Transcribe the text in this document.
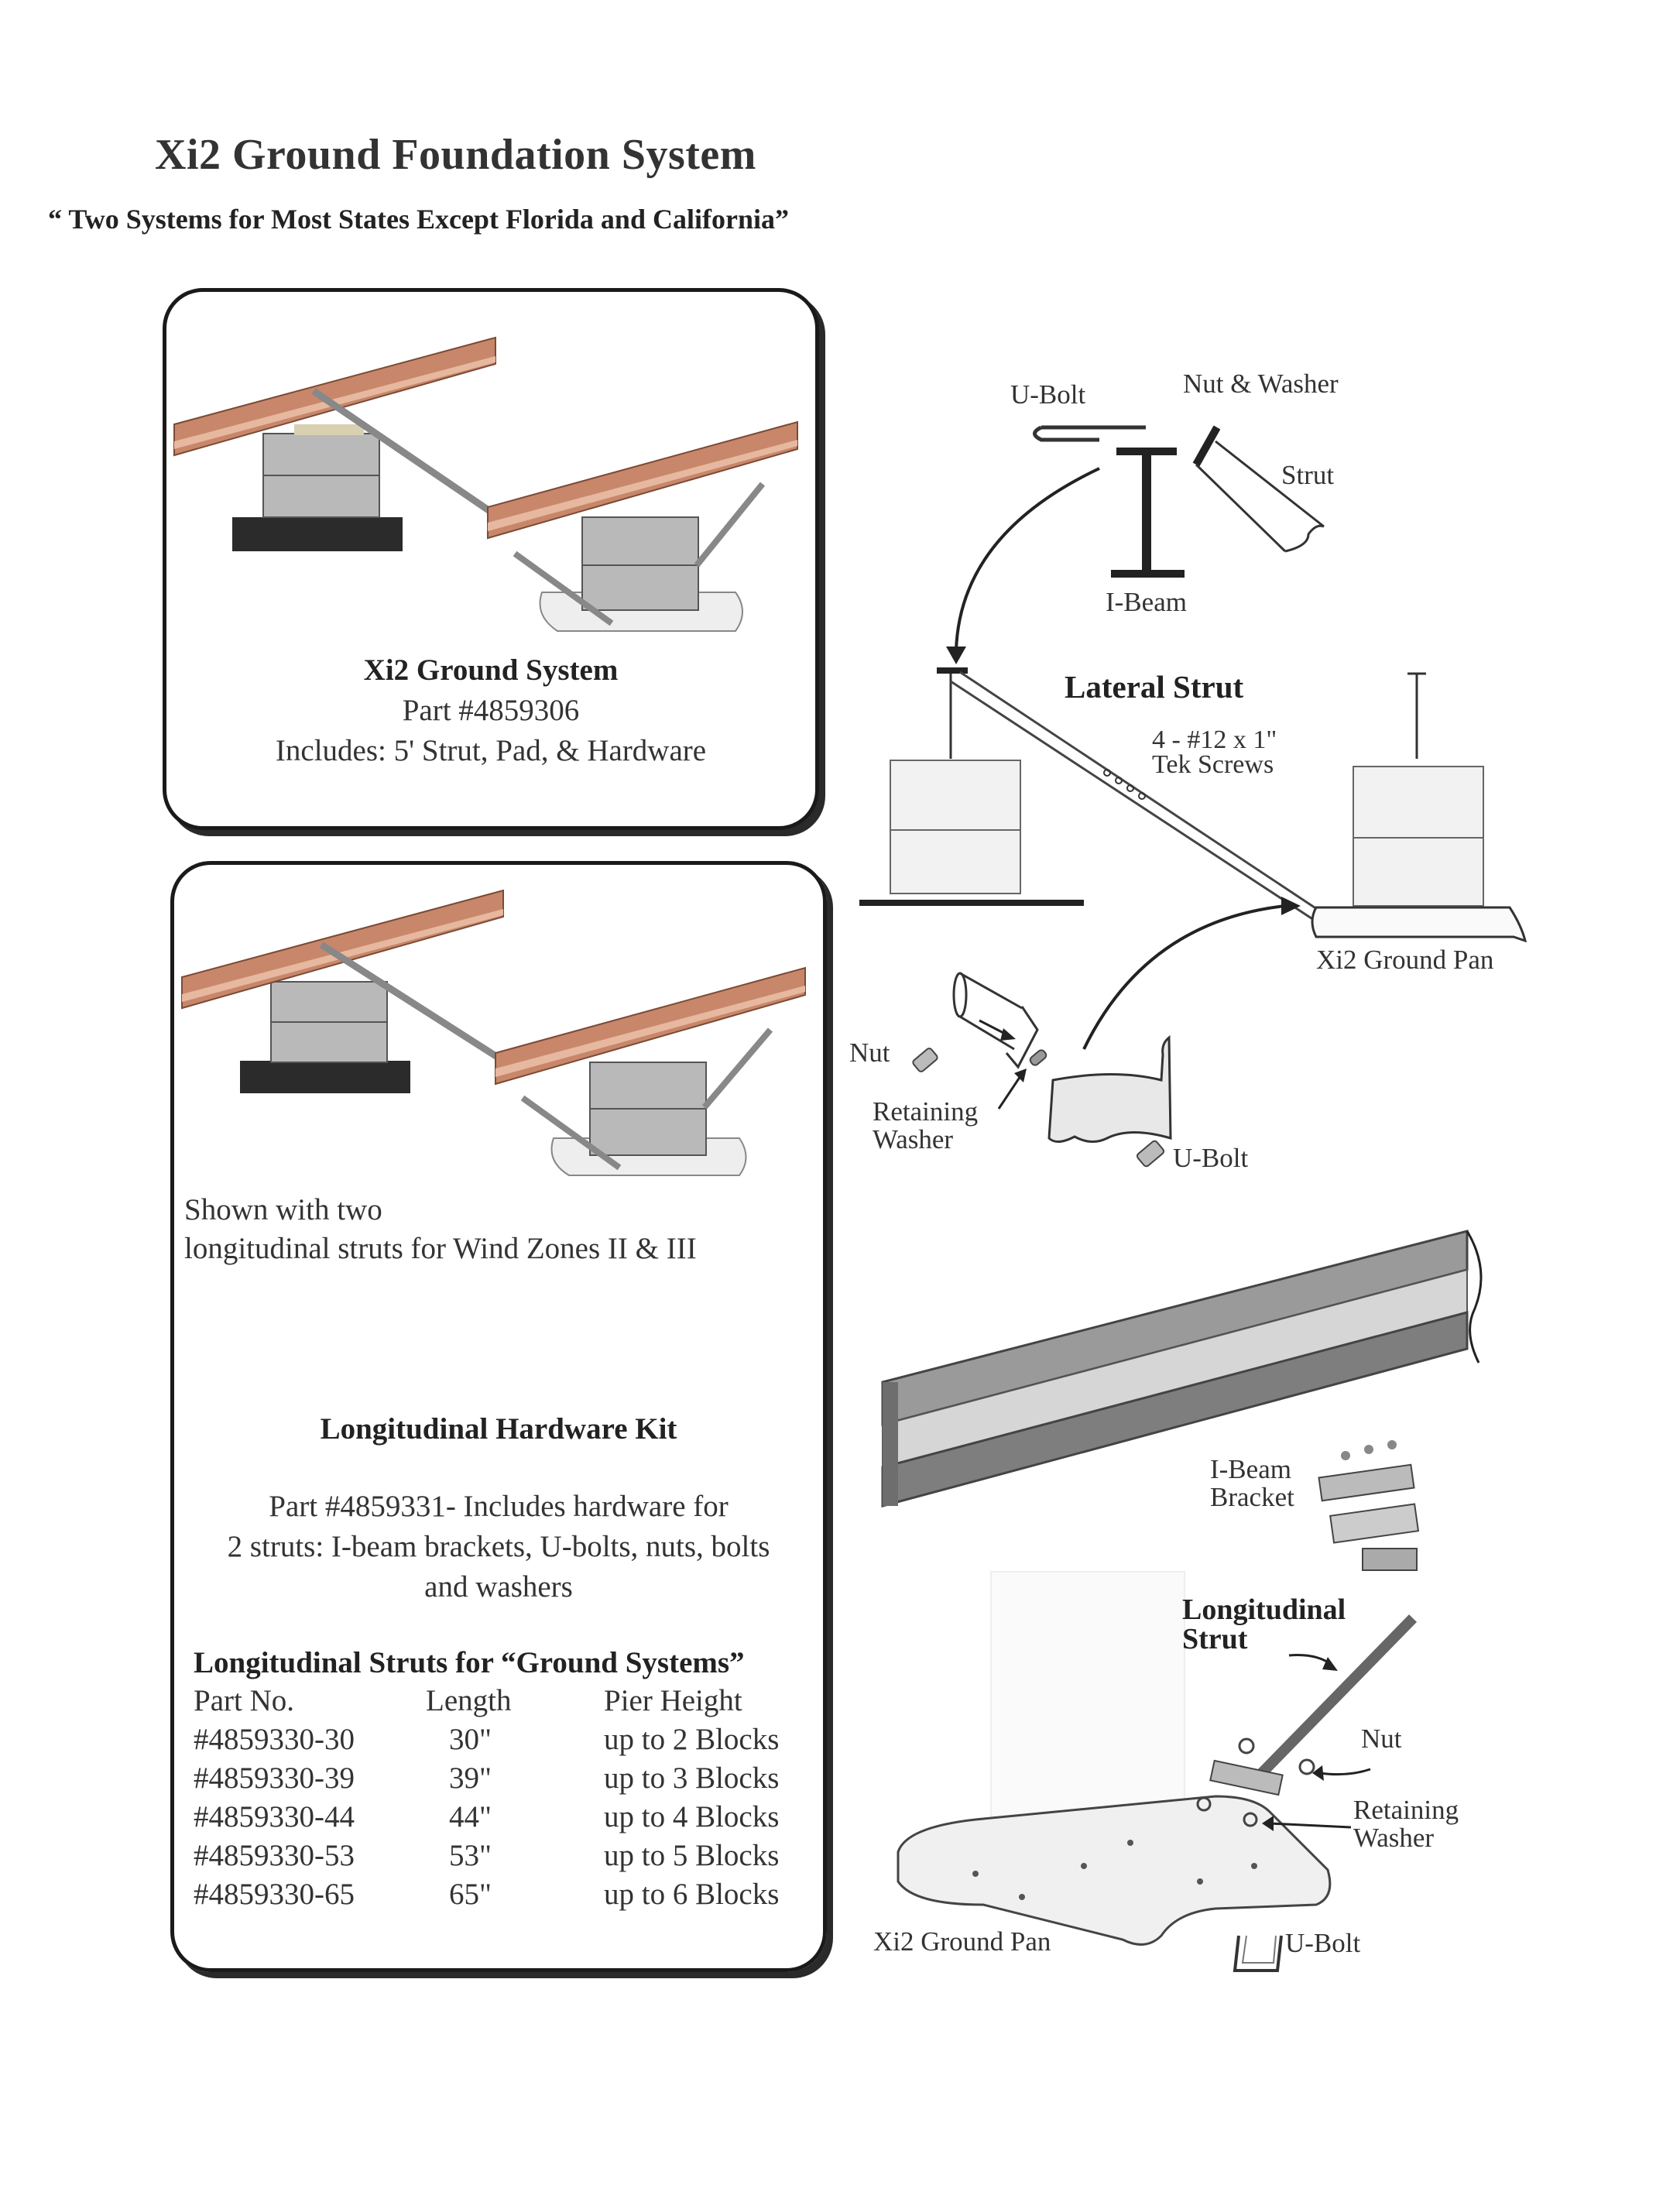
Xi2 Ground Foundation System
“ Two Systems for Most States Except Florida and California”
Xi2 Ground System
Part #4859306
Includes: 5' Strut, Pad, & Hardware
Shown with two
longitudinal struts for Wind Zones II & III
Longitudinal Hardware Kit
Part #4859331- Includes hardware for
2 struts: I-beam brackets, U-bolts, nuts, bolts
and washers
Longitudinal Struts for “Ground Systems”
Part No.	Length	Pier Height
#4859330-30	30"	up to 2 Blocks
#4859330-39	39"	up to 3 Blocks
#4859330-44	44"	up to 4 Blocks
#4859330-53	53"	up to 5 Blocks
#4859330-65	65"	up to 6 Blocks
U-Bolt	Nut & Washer
Strut
I-Beam
Lateral Strut
4 - #12 x 1"
Tek Screws
Xi2 Ground Pan
Nut
Retaining
Washer
U-Bolt
I-Beam
Bracket
Longitudinal
Strut
Nut
Retaining
Washer
Xi2 Ground Pan	U-Bolt
